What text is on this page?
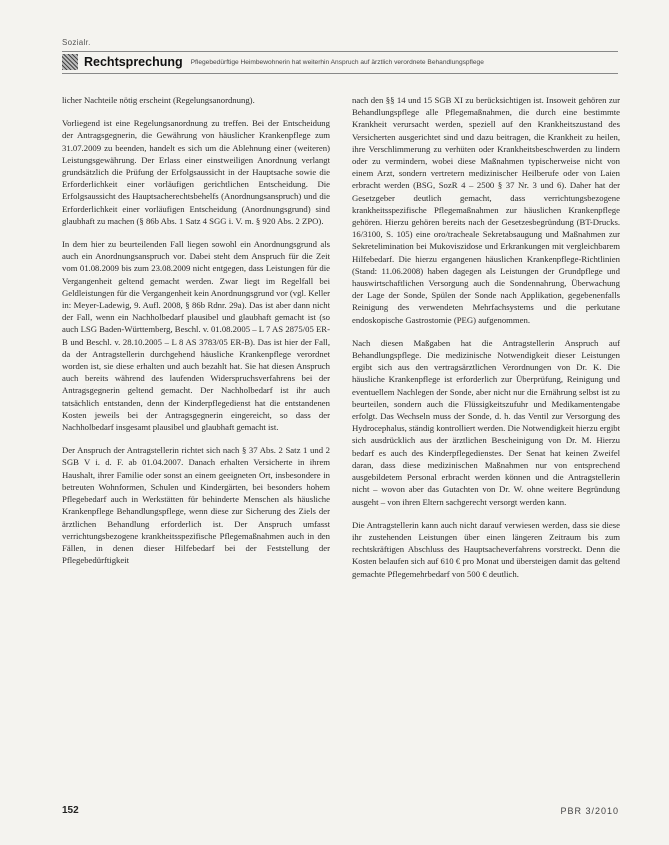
Sozialr.
Rechtsprechung Pflegebedürftige Heimbewohnerin hat weiterhin Anspruch auf ärztlich verordnete Behandlungspflege

licher Nachteile nötig erscheint (Regelungsanordnung).

Vorliegend ist eine Regelungsanordnung zu treffen. Bei der Entscheidung der Antragsgegnerin, die Gewährung von häuslicher Krankenpflege zum 31.07.2009 zu beenden, handelt es sich um die Ablehnung einer (weiteren) Leistungsgewährung. Der Erlass einer einstweiligen Anordnung verlangt grundsätzlich die Prüfung der Erfolgsaussicht in der Hauptsache sowie die Erforderlichkeit einer vorläufigen gerichtlichen Entscheidung. Die Erfolgsaussicht des Hauptsacherechtsbehelfs (Anordnungsanspruch) und die Erforderlichkeit einer vorläufigen Entscheidung (Anordnungsgrund) sind glaubhaft zu machen (§ 86b Abs. 1 Satz 4 SGG i. V. m. § 920 Abs. 2 ZPO).

In dem hier zu beurteilenden Fall liegen sowohl ein Anordnungsgrund als auch ein Anordnungsanspruch vor. Dabei steht dem Anspruch für die Zeit vom 01.08.2009 bis zum 23.08.2009 nicht entgegen, dass Leistungen für die Vergangenheit geltend gemacht werden. Zwar liegt im Regelfall bei Geldleistungen für die Vergangenheit kein Anordnungsgrund vor (vgl. Keller in: Meyer-Ladewig, 9. Aufl. 2008, § 86b Rdnr. 29a). Das ist aber dann nicht der Fall, wenn ein Nachholbedarf plausibel und glaubhaft gemacht ist (so auch LSG Baden-Württemberg, Beschl. v. 01.08.2005 – L 7 AS 2875/05 ER-B und Beschl. v. 28.10.2005 – L 8 AS 3783/05 ER-B). Das ist hier der Fall, da der Antragstellerin durchgehend häusliche Krankenpflege verordnet worden ist, sie diese erhalten und auch bezahlt hat. Sie hat diesen Anspruch auch bereits während des laufenden Widerspruchsverfahrens bei der Antragsgegnerin geltend gemacht. Der Nachholbedarf ist ihr auch tatsächlich entstanden, denn der Kinderpflegedienst hat die entstandenen Kosten jeweils bei der Antragsgegnerin eingereicht, so dass der Nachholbedarf insgesamt plausibel und glaubhaft gemacht ist.

Der Anspruch der Antragstellerin richtet sich nach § 37 Abs. 2 Satz 1 und 2 SGB V i. d. F. ab 01.04.2007. Danach erhalten Versicherte in ihrem Haushalt, ihrer Familie oder sonst an einem geeigneten Ort, insbesondere in betreuten Wohnformen, Schulen und Kindergärten, bei besonders hohem Pflegebedarf auch in Werkstätten für behinderte Menschen als häusliche Krankenpflege Behandlungspflege, wenn diese zur Sicherung des Ziels der ärztlichen Behandlung erforderlich ist. Der Anspruch umfasst verrichtungsbezogene krankheitsspezifische Pflegemaßnahmen auch in den Fällen, in denen dieser Hilfebedarf bei der Feststellung der Pflegebedürftigkeit

nach den §§ 14 und 15 SGB XI zu berücksichtigen ist. Insoweit gehören zur Behandlungspflege alle Pflegemaßnahmen, die durch eine bestimmte Krankheit verursacht werden, speziell auf den Krankheitszustand des Versicherten ausgerichtet sind und dazu beitragen, die Krankheit zu heilen, ihre Verschlimmerung zu verhüten oder Krankheitsbeschwerden zu lindern oder zu vermindern, wobei diese Maßnahmen typischerweise nicht von einem Arzt, sondern vertretern medizinischer Heilberufe oder von Laien erbracht werden (BSG, SozR 4 – 2500 § 37 Nr. 3 und 6). Daher hat der Gesetzgeber deutlich gemacht, dass verrichtungsbezogene krankheitsspezifische Pflegemaßnahmen zur häuslichen Krankenpflege gehören. Hierzu gehören bereits nach der Gesetzesbegründung (BT-Drucks. 16/3100, S. 105) eine oro/tracheale Sekretabsaugung und Maßnahmen zur Sekretelimination bei Mukoviszidose und Erkrankungen mit vergleichbarem Hilfebedarf. Die hierzu ergangenen häuslichen Krankenpflege-Richtlinien (Stand: 11.06.2008) haben dagegen als Leistungen der Grundpflege und hauswirtschaftlichen Versorgung auch die Sondennahrung, Überwachung der Lage der Sonde, Spülen der Sonde nach Applikation, gegebenenfalls Reinigung des verwendeten Mehrfachsystems und die perkutane endoskopische Gastrostomie (PEG) aufgenommen.

Nach diesen Maßgaben hat die Antragstellerin Anspruch auf Behandlungspflege. Die medizinische Notwendigkeit dieser Leistungen ergibt sich aus den vertragsärztlichen Verordnungen von Dr. K. Die häusliche Krankenpflege ist erforderlich zur Überprüfung, Reinigung und eventuellem Nachlegen der Sonde, aber nicht nur die Ernährung selbst ist zu beurteilen, sondern auch die Flüssigkeitszufuhr und Medikamentengabe erfolgt. Das Wechseln muss der Sonde, d. h. das Ventil zur Versorgung des Hydrocephalus, ständig kontrolliert werden. Die Notwendigkeit hierzu ergibt sich ausdrücklich aus der ärztlichen Bescheinigung von Dr. M. Hierzu bedarf es auch des Kinderpflegedienstes. Der Senat hat keinen Zweifel daran, dass diese medizinischen Maßnahmen nur von entsprechend ausgebildetem Personal erbracht werden können und die Antragstellerin nicht – wovon aber das Gutachten von Dr. W. ohne weitere Begründung ausgeht – von ihren Eltern sachgerecht versorgt werden kann.

Die Antragstellerin kann auch nicht darauf verwiesen werden, dass sie diese ihr zustehenden Leistungen über einen längeren Zeitraum bis zum rechtskräftigen Abschluss des Hauptsacheverfahrens vorstreckt. Denn die Kosten belaufen sich auf 610 € pro Monat und übersteigen damit das geltend gemachte Pflegemehrbedarf von 500 € deutlich.

152	PBR 3/2010
